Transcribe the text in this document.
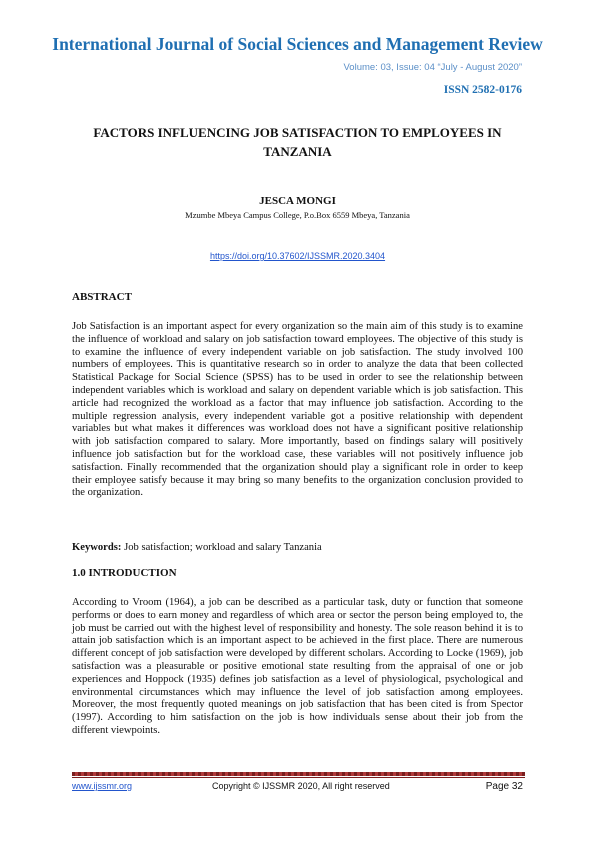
International Journal of Social Sciences and Management Review
Volume: 03, Issue: 04 “July - August 2020”
ISSN 2582-0176
FACTORS INFLUENCING JOB SATISFACTION TO EMPLOYEES IN TANZANIA
JESCA MONGI
Mzumbe Mbeya Campus College, P.o.Box 6559 Mbeya, Tanzania
https://doi.org/10.37602/IJSSMR.2020.3404
ABSTRACT
Job Satisfaction is an important aspect for every organization so the main aim of this study is to examine the influence of workload and salary on job satisfaction toward employees. The objective of this study is to examine the influence of every independent variable on job satisfaction. The study involved 100 numbers of employees. This is quantitative research so in order to analyze the data that been collected Statistical Package for Social Science (SPSS) has to be used in order to see the relationship between independent variables which is workload and salary on dependent variable which is job satisfaction. This article had recognized the workload as a factor that may influence job satisfaction. According to the multiple regression analysis, every independent variable got a positive relationship with dependent variables but what makes it differences was workload does not have a significant positive relationship with job satisfaction compared to salary. More importantly, based on findings salary will positively influence job satisfaction but for the workload case, these variables will not positively influence job satisfaction. Finally recommended that the organization should play a significant role in order to keep their employee satisfy because it may bring so many benefits to the organization conclusion provided to the organization.
Keywords: Job satisfaction; workload and salary Tanzania
1.0 INTRODUCTION
According to Vroom (1964), a job can be described as a particular task, duty or function that someone performs or does to earn money and regardless of which area or sector the person being employed to, the job must be carried out with the highest level of responsibility and honesty. The sole reason behind it is to attain job satisfaction which is an important aspect to be achieved in the first place. There are numerous different concept of job satisfaction were developed by different scholars. According to Locke (1969), job satisfaction was a pleasurable or positive emotional state resulting from the appraisal of one or job experiences and Hoppock (1935) defines job satisfaction as a level of physiological, psychological and environmental circumstances which may influence the level of job satisfaction among employees. Moreover, the most frequently quoted meanings on job satisfaction that has been cited is from Spector (1997). According to him satisfaction on the job is how individuals sense about their job from the different viewpoints.
www.ijssmr.org	Copyright © IJSSMR 2020, All right reserved	Page 32
